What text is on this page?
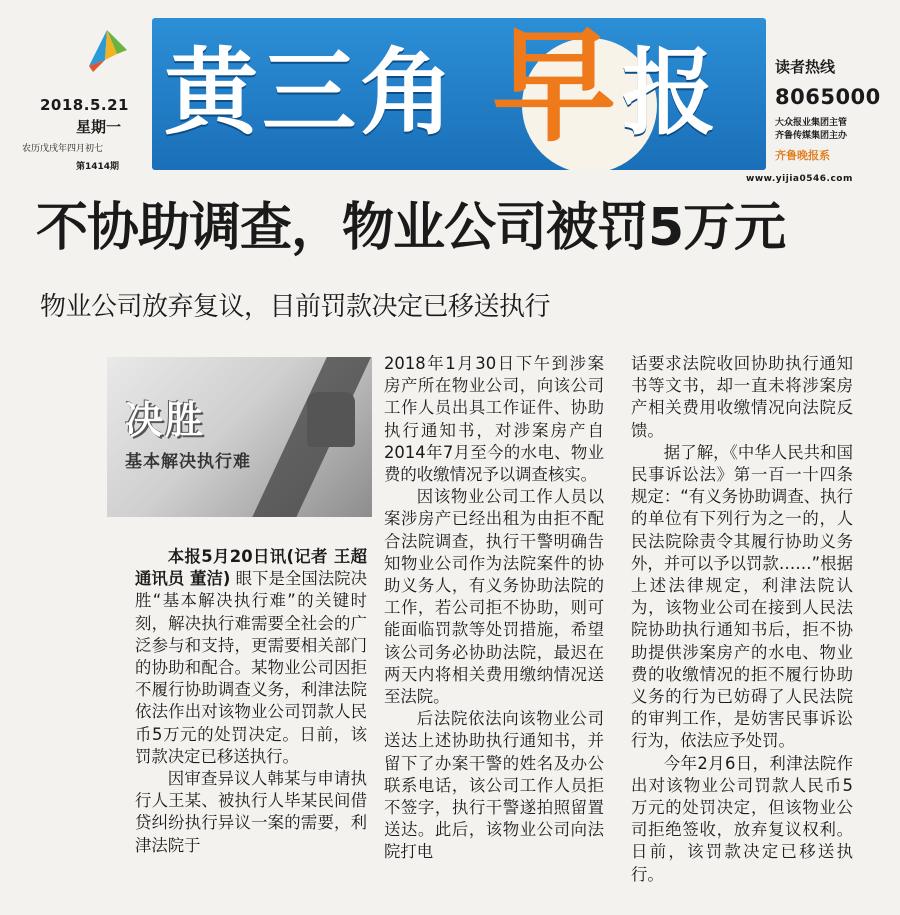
2018.5.21
星期一
农历戊戌年四月初七
第1414期
黄三角 早 报	读者热线
8065000
大众报业集团主管
齐鲁传媒集团主办
齐鲁晚报系
www.yijia0546.com
不协助调查，物业公司被罚5万元
物业公司放弃复议，目前罚款决定已移送执行
决胜
基本解决执行难

本报5月20日讯(记者 王超 通讯员 董洁) 眼下是全国法院决胜“基本解决执行难”的关键时刻，解决执行难需要全社会的广泛参与和支持，更需要相关部门的协助和配合。某物业公司因拒不履行协助调查义务，利津法院依法作出对该物业公司罚款人民币5万元的处罚决定。日前，该罚款决定已移送执行。

因审查异议人韩某与申请执行人王某、被执行人毕某民间借贷纠纷执行异议一案的需要，利津法院于

2018年1月30日下午到涉案房产所在物业公司，向该公司工作人员出具工作证件、协助执行通知书，对涉案房产自2014年7月至今的水电、物业费的收缴情况予以调查核实。

因该物业公司工作人员以案涉房产已经出租为由拒不配合法院调查，执行干警明确告知物业公司作为法院案件的协助义务人，有义务协助法院的工作，若公司拒不协助，则可能面临罚款等处罚措施，希望该公司务必协助法院，最迟在两天内将相关费用缴纳情况送至法院。

后法院依法向该物业公司送达上述协助执行通知书，并留下了办案干警的姓名及办公联系电话，该公司工作人员拒不签字，执行干警遂拍照留置送达。此后，该物业公司向法院打电

话要求法院收回协助执行通知书等文书，却一直未将涉案房产相关费用收缴情况向法院反馈。

据了解，《中华人民共和国民事诉讼法》第一百一十四条规定：“有义务协助调查、执行的单位有下列行为之一的，人民法院除责令其履行协助义务外，并可以予以罚款……”根据上述法律规定，利津法院认为，该物业公司在接到人民法院协助执行通知书后，拒不协助提供涉案房产的水电、物业费的收缴情况的拒不履行协助义务的行为已妨碍了人民法院的审判工作，是妨害民事诉讼行为，依法应予处罚。

今年2月6日，利津法院作出对该物业公司罚款人民币5万元的处罚决定，但该物业公司拒绝签收，放弃复议权利。日前，该罚款决定已移送执行。
